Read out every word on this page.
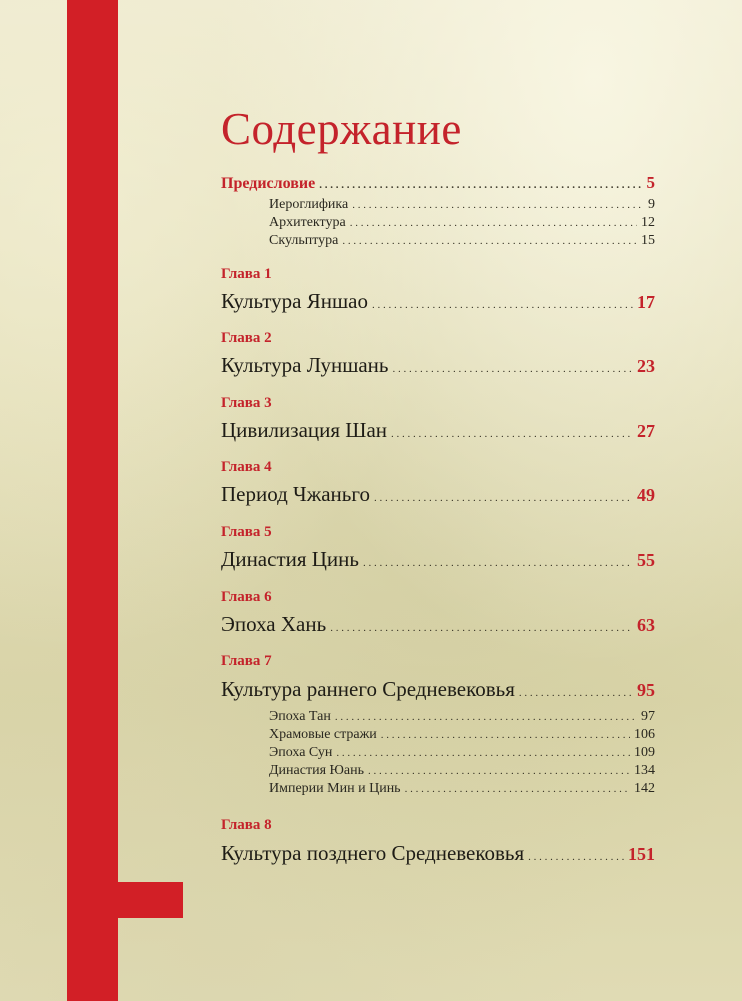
Содержание
Предисловие . . .	5
Иероглифика . . .	9
Архитектура . . .	12
Скульптура . . .	15
Глава 1
Культура Яншао . . .	17
Глава 2
Культура Луншань . . .	23
Глава 3
Цивилизация Шан . . .	27
Глава 4
Период Чжаньго . . .	49
Глава 5
Династия Цинь . . .	55
Глава 6
Эпоха Хань . . .	63
Глава 7
Культура раннего Средневековья . . .	95
Эпоха Тан . . .	97
Храмовые стражи . . .	106
Эпоха Сун . . .	109
Династия Юань . . .	134
Империи Мин и Цинь . . .	142
Глава 8
Культура позднего Средневековья . . .	151
